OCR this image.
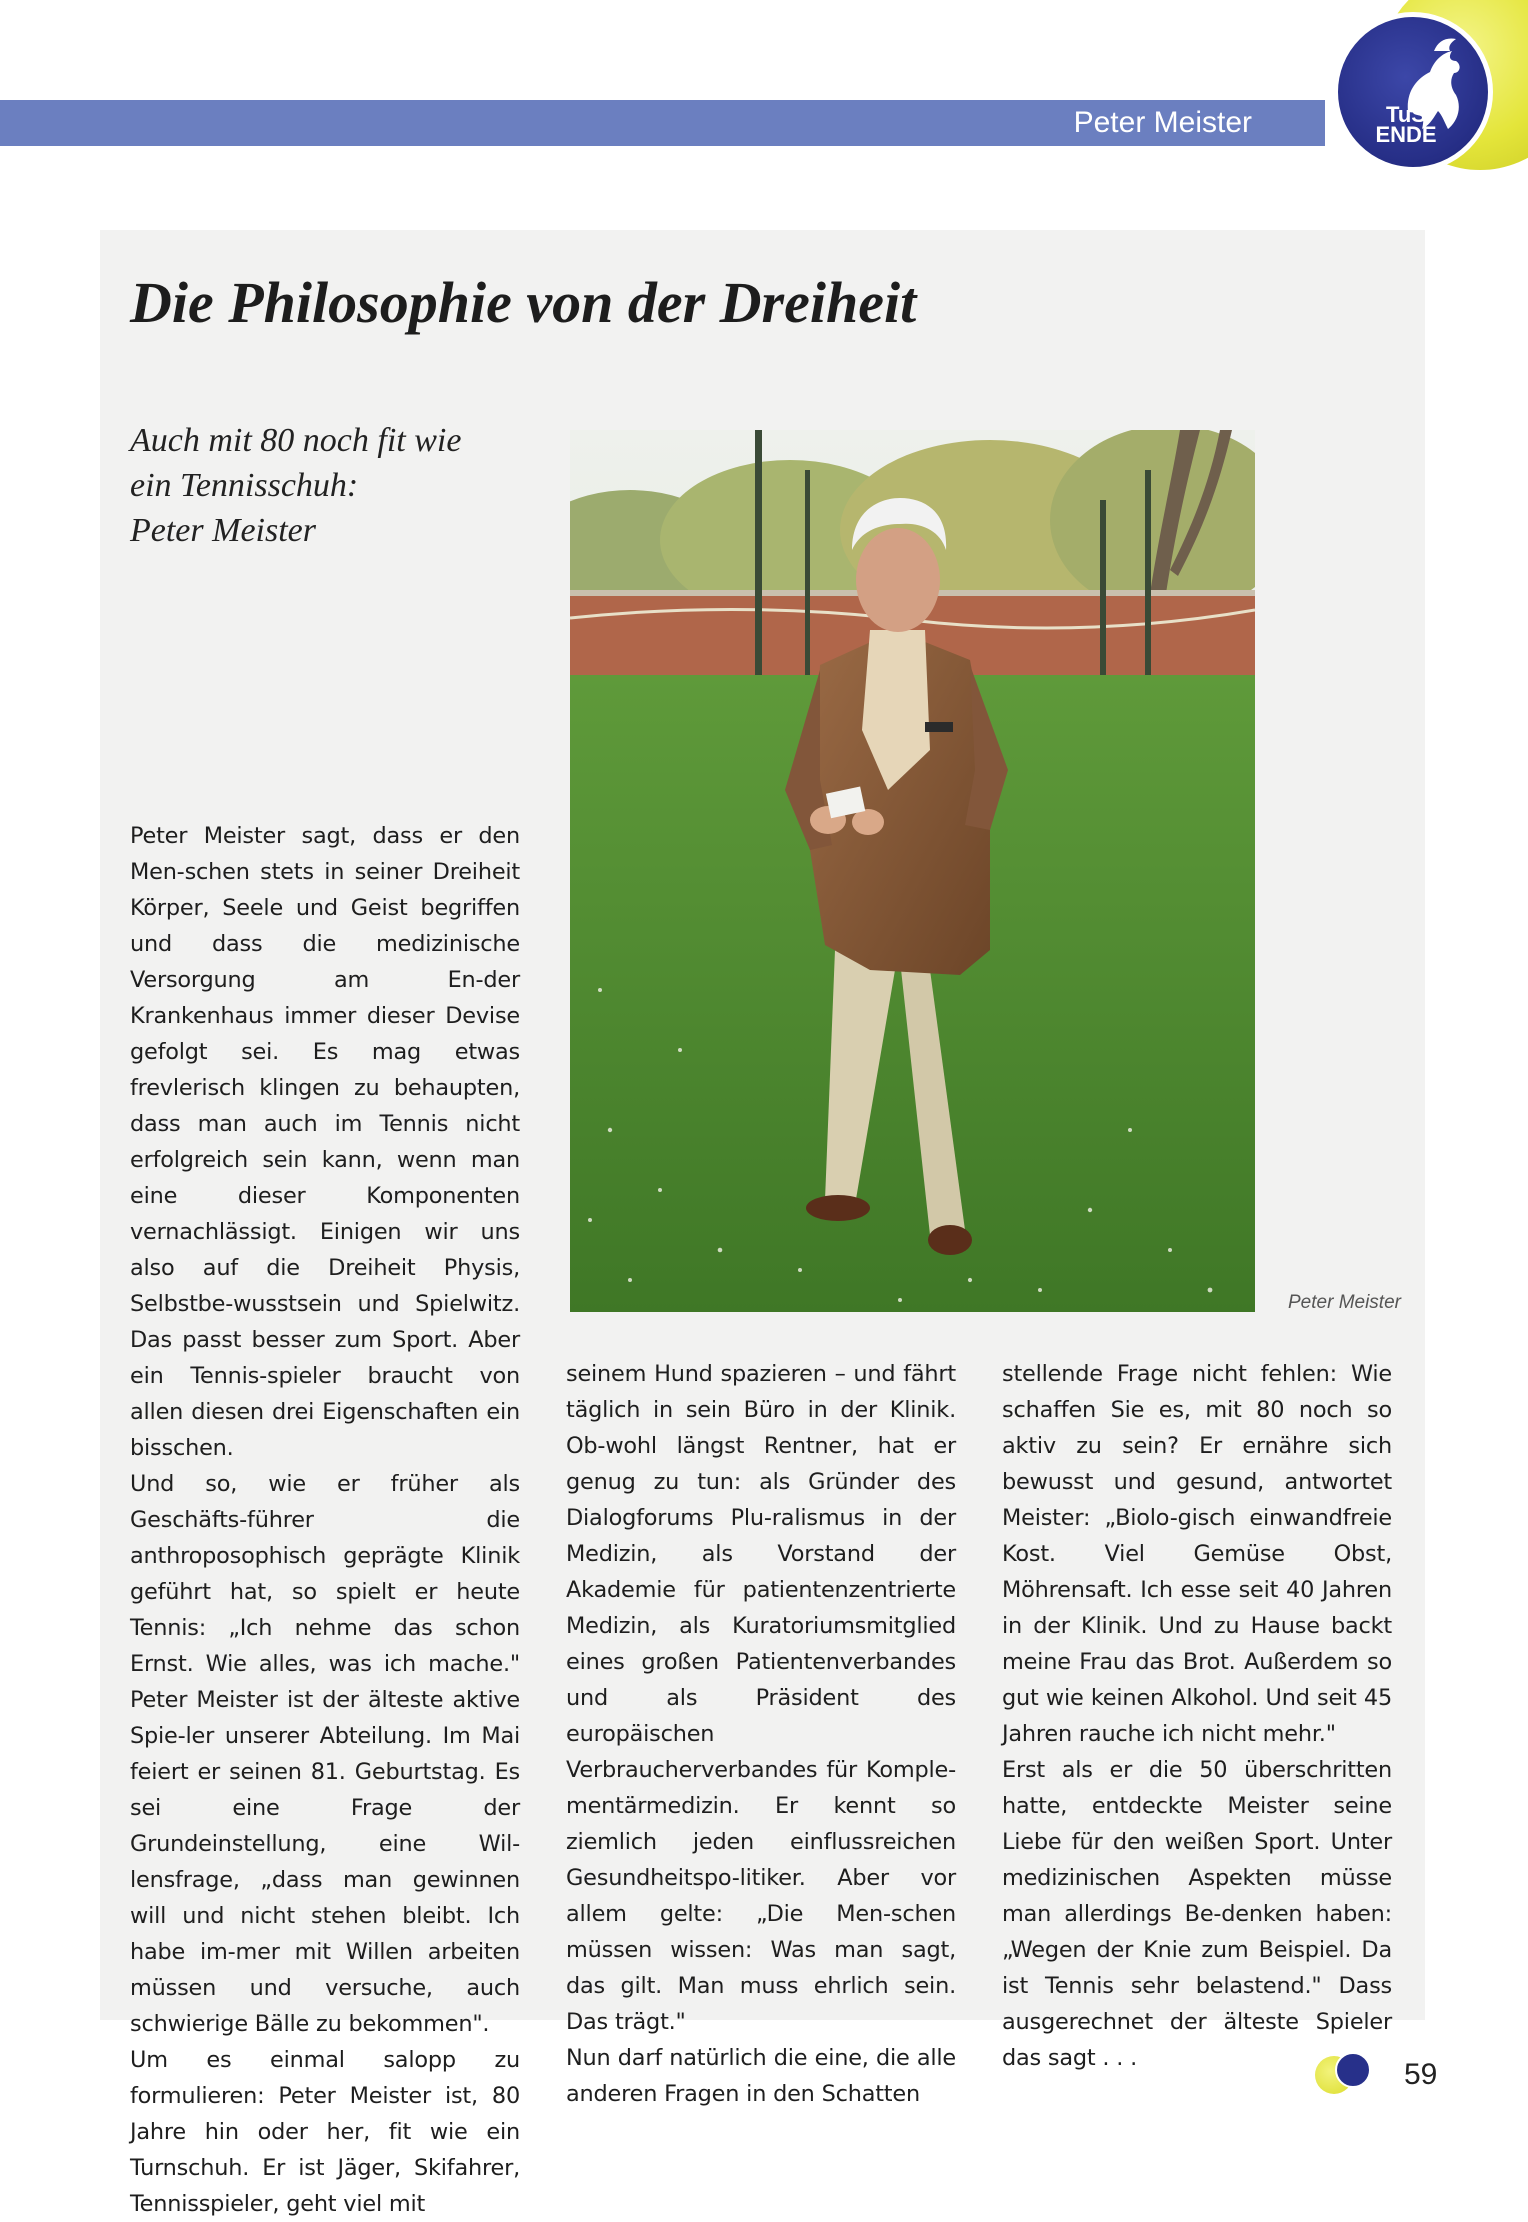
Peter Meister	TuS
ENDE
Die Philosophie von der Dreiheit
Auch mit 80 noch fit wie
ein Tennisschuh:
Peter Meister
Peter Meister

Peter Meister sagt, dass er den Men-schen stets in seiner Dreiheit Körper, Seele und Geist begriffen und dass die medizinische Versorgung am En-der Krankenhaus immer dieser Devise gefolgt sei. Es mag etwas frevlerisch klingen zu behaupten, dass man auch im Tennis nicht erfolgreich sein kann, wenn man eine dieser Komponenten vernachlässigt. Einigen wir uns also auf die Dreiheit Physis, Selbstbe-wusstsein und Spielwitz. Das passt besser zum Sport. Aber ein Tennis-spieler braucht von allen diesen drei Eigenschaften ein bisschen.

Und so, wie er früher als Geschäfts-führer die anthroposophisch geprägte Klinik geführt hat, so spielt er heute Tennis: „Ich nehme das schon Ernst. Wie alles, was ich mache." Peter Meister ist der älteste aktive Spie-ler unserer Abteilung. Im Mai feiert er seinen 81. Geburtstag. Es sei eine Frage der Grundeinstellung, eine Wil-lensfrage, „dass man gewinnen will und nicht stehen bleibt. Ich habe im-mer mit Willen arbeiten müssen und versuche, auch schwierige Bälle zu bekommen".

Um es einmal salopp zu formulieren: Peter Meister ist, 80 Jahre hin oder her, fit wie ein Turnschuh. Er ist Jäger, Skifahrer, Tennisspieler, geht viel mit

seinem Hund spazieren – und fährt täglich in sein Büro in der Klinik. Ob-wohl längst Rentner, hat er genug zu tun: als Gründer des Dialogforums Plu-ralismus in der Medizin, als Vorstand der Akademie für patientenzentrierte Medizin, als Kuratoriumsmitglied eines großen Patientenverbandes und als Präsident des europäischen Verbraucherverbandes für Komple-mentärmedizin. Er kennt so ziemlich jeden einflussreichen Gesundheitspo-litiker. Aber vor allem gelte: „Die Men-schen müssen wissen: Was man sagt, das gilt. Man muss ehrlich sein. Das trägt."

Nun darf natürlich die eine, die alle anderen Fragen in den Schatten

stellende Frage nicht fehlen: Wie schaffen Sie es, mit 80 noch so aktiv zu sein? Er ernähre sich bewusst und gesund, antwortet Meister: „Biolo-gisch einwandfreie Kost. Viel Gemüse Obst, Möhrensaft. Ich esse seit 40 Jahren in der Klinik. Und zu Hause backt meine Frau das Brot. Außerdem so gut wie keinen Alkohol. Und seit 45 Jahren rauche ich nicht mehr."

Erst als er die 50 überschritten hatte, entdeckte Meister seine Liebe für den weißen Sport. Unter medizinischen Aspekten müsse man allerdings Be-denken haben: „Wegen der Knie zum Beispiel. Da ist Tennis sehr belastend." Dass ausgerechnet der älteste Spieler das sagt . . .	59
